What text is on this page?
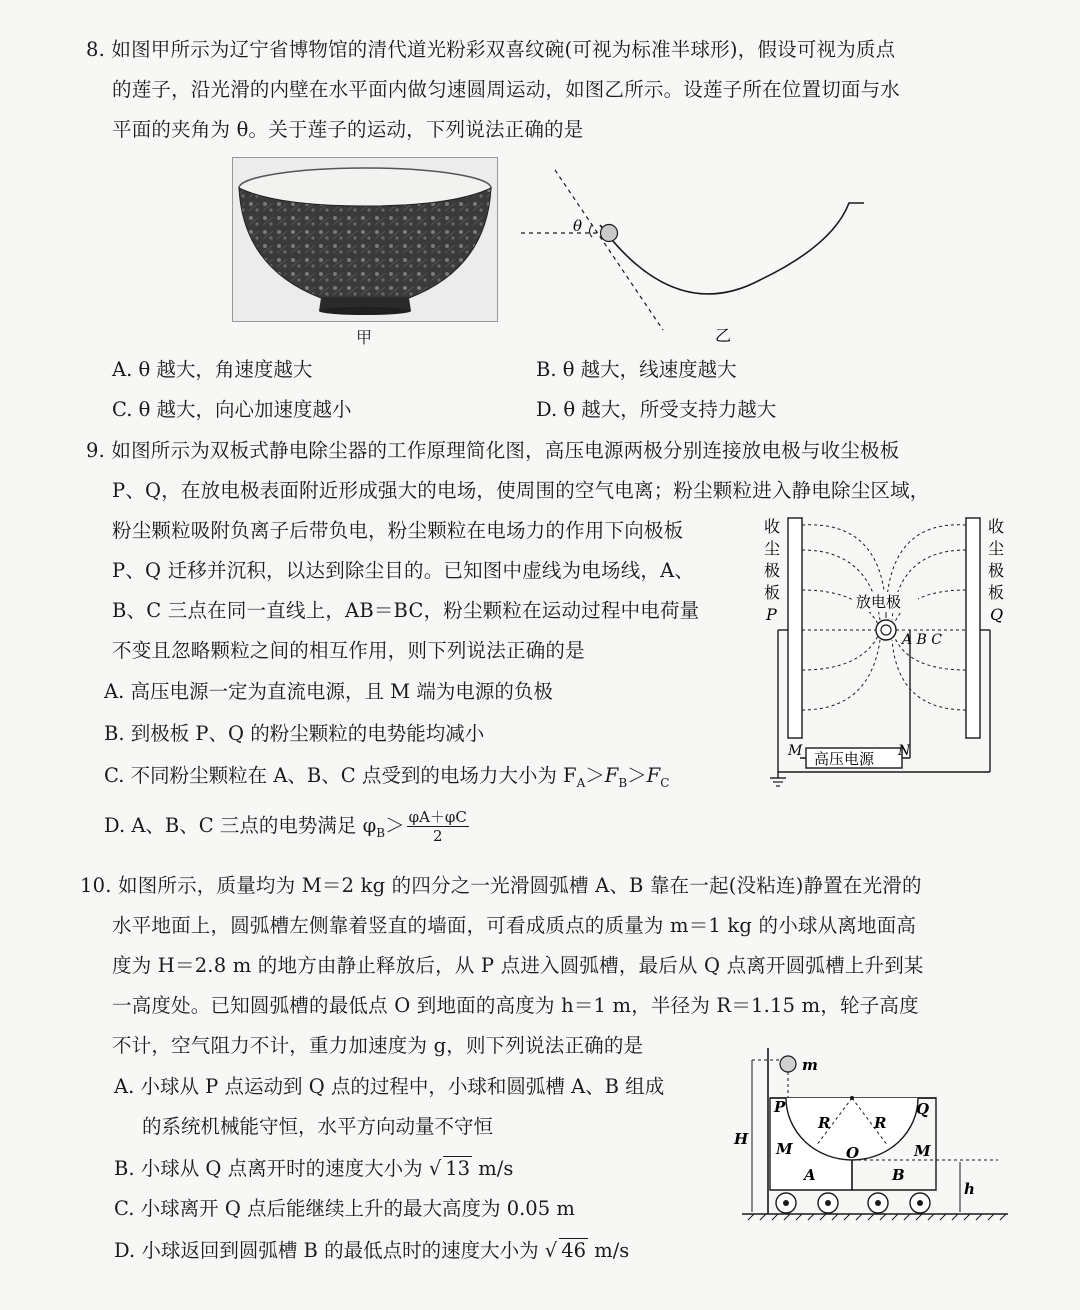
8. 如图甲所示为辽宁省博物馆的清代道光粉彩双喜纹碗(可视为标准半球形)，假设可视为质点
的莲子，沿光滑的内壁在水平面内做匀速圆周运动，如图乙所示。设莲子所在位置切面与水
平面的夹角为 θ。关于莲子的运动，下列说法正确的是
甲
θ
乙
A. θ 越大，角速度越大	B. θ 越大，线速度越大
C. θ 越大，向心加速度越小	D. θ 越大，所受支持力越大
9. 如图所示为双板式静电除尘器的工作原理简化图，高压电源两极分别连接放电极与收尘极板
P、Q，在放电极表面附近形成强大的电场，使周围的空气电离；粉尘颗粒进入静电除尘区域，
粉尘颗粒吸附负离子后带负电，粉尘颗粒在电场力的作用下向极板
P、Q 迁移并沉积，以达到除尘目的。已知图中虚线为电场线，A、
B、C 三点在同一直线上，AB＝BC，粉尘颗粒在运动过程中电荷量
不变且忽略颗粒之间的相互作用，则下列说法正确的是
A. 高压电源一定为直流电源，且 M 端为电源的负极
B. 到极板 P、Q 的粉尘颗粒的电势能均减小
C. 不同粉尘颗粒在 A、B、C 点受到的电场力大小为 $F_A>F_B>F_C$
D. A、B、C 三点的电势满足 $\varphi_B> \frac{\varphi A+\varphi C}{2}$
收
尘
极
板
P
收
尘
极
板
Q
放电极
A B C
高压电源
M	N
10. 如图所示，质量均为 M＝2 kg 的四分之一光滑圆弧槽 A、B 靠在一起(没粘连)静置在光滑的
水平地面上，圆弧槽左侧靠着竖直的墙面，可看成质点的质量为 m＝1 kg 的小球从离地面高
度为 H＝2.8 m 的地方由静止释放后，从 P 点进入圆弧槽，最后从 Q 点离开圆弧槽上升到某
一高度处。已知圆弧槽的最低点 O 到地面的高度为 h＝1 m，半径为 R＝1.15 m，轮子高度
不计，空气阻力不计，重力加速度为 g，则下列说法正确的是
A. 小球从 P 点运动到 Q 点的过程中，小球和圆弧槽 A、B 组成
的系统机械能守恒，水平方向动量不守恒
B. 小球从 Q 点离开时的速度大小为 √ 13 m/s
C. 小球离开 Q 点后能继续上升的最大高度为 0.05 m
D. 小球返回到圆弧槽 B 的最低点时的速度大小为 √ 46 m/s
m
P	Q
R	R
O
M	M
A	B
H
h
